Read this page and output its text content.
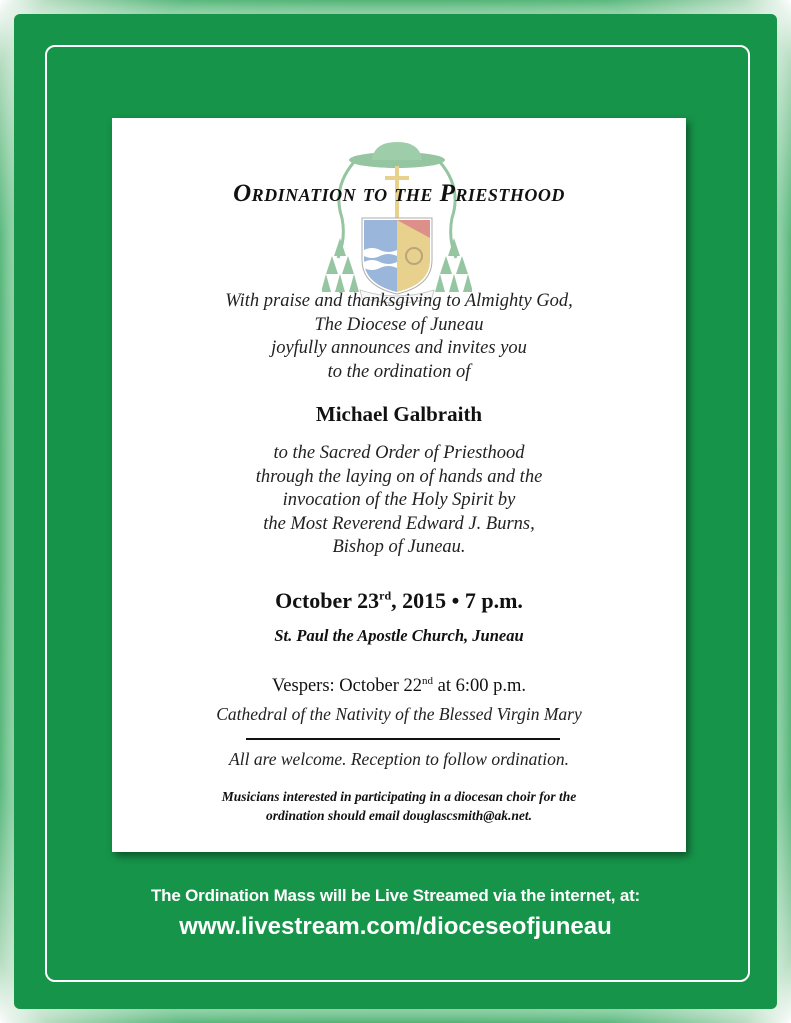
Ordination to the Priesthood
With praise and thanksgiving to Almighty God,
The Diocese of Juneau
joyfully announces and invites you
to the ordination of
Michael Galbraith
to the Sacred Order of Priesthood
through the laying on of hands and the
invocation of the Holy Spirit by
the Most Reverend Edward J. Burns,
Bishop of Juneau.
October 23rd, 2015 • 7 p.m.
St. Paul the Apostle Church, Juneau
Vespers: October 22nd at 6:00 p.m.
Cathedral of the Nativity of the Blessed Virgin Mary
All are welcome. Reception to follow ordination.
Musicians interested in participating in a diocesan choir for the
ordination should email douglascsmith@ak.net.
The Ordination Mass will be Live Streamed via the internet, at:
www.livestream.com/dioceseofjuneau
